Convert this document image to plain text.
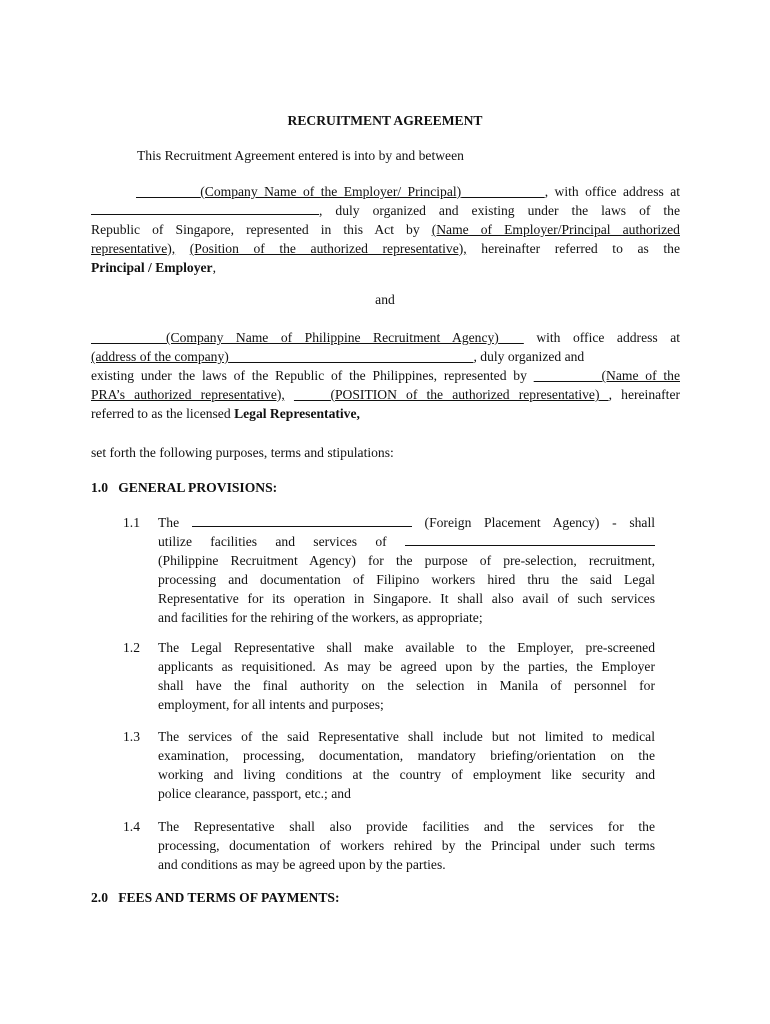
RECRUITMENT AGREEMENT
This Recruitment Agreement entered is into by and between
(Company Name of the Employer/ Principal)	, with office address at
, duly organized and existing under the laws of the
Republic of Singapore, represented in this Act by (Name of Employer/Principal authorized
representative), (Position of the authorized representative), hereinafter referred to as the
Principal / Employer,
and
(Company Name of Philippine Recruitment Agency)	with office address at
(address of the company)	, duly organized and
existing under the laws of the Republic of the Philippines, represented by	(Name of the
PRA’s authorized representative),	(POSITION of the authorized representative) , hereinafter
referred to as the licensed Legal Representative,
set forth the following purposes, terms and stipulations:
1.0   GENERAL PROVISIONS:
1.1 The	(Foreign Placement Agency) - shall
utilize facilities and services of
(Philippine Recruitment Agency) for the purpose of pre-selection, recruitment,
processing and documentation of Filipino workers hired thru the said Legal
Representative for its operation in Singapore. It shall also avail of such services
and facilities for the rehiring of the workers, as appropriate;
1.2 The Legal Representative shall make available to the Employer, pre-screened
applicants as requisitioned. As may be agreed upon by the parties, the Employer
shall have the final authority on the selection in Manila of personnel for
employment, for all intents and purposes;
1.3 The services of the said Representative shall include but not limited to medical
examination, processing, documentation, mandatory briefing/orientation on the
working and living conditions at the country of employment like security and
police clearance, passport, etc.; and
1.4 The Representative shall also provide facilities and the services for the
processing, documentation of workers rehired by the Principal under such terms
and conditions as may be agreed upon by the parties.
2.0   FEES AND TERMS OF PAYMENTS:
